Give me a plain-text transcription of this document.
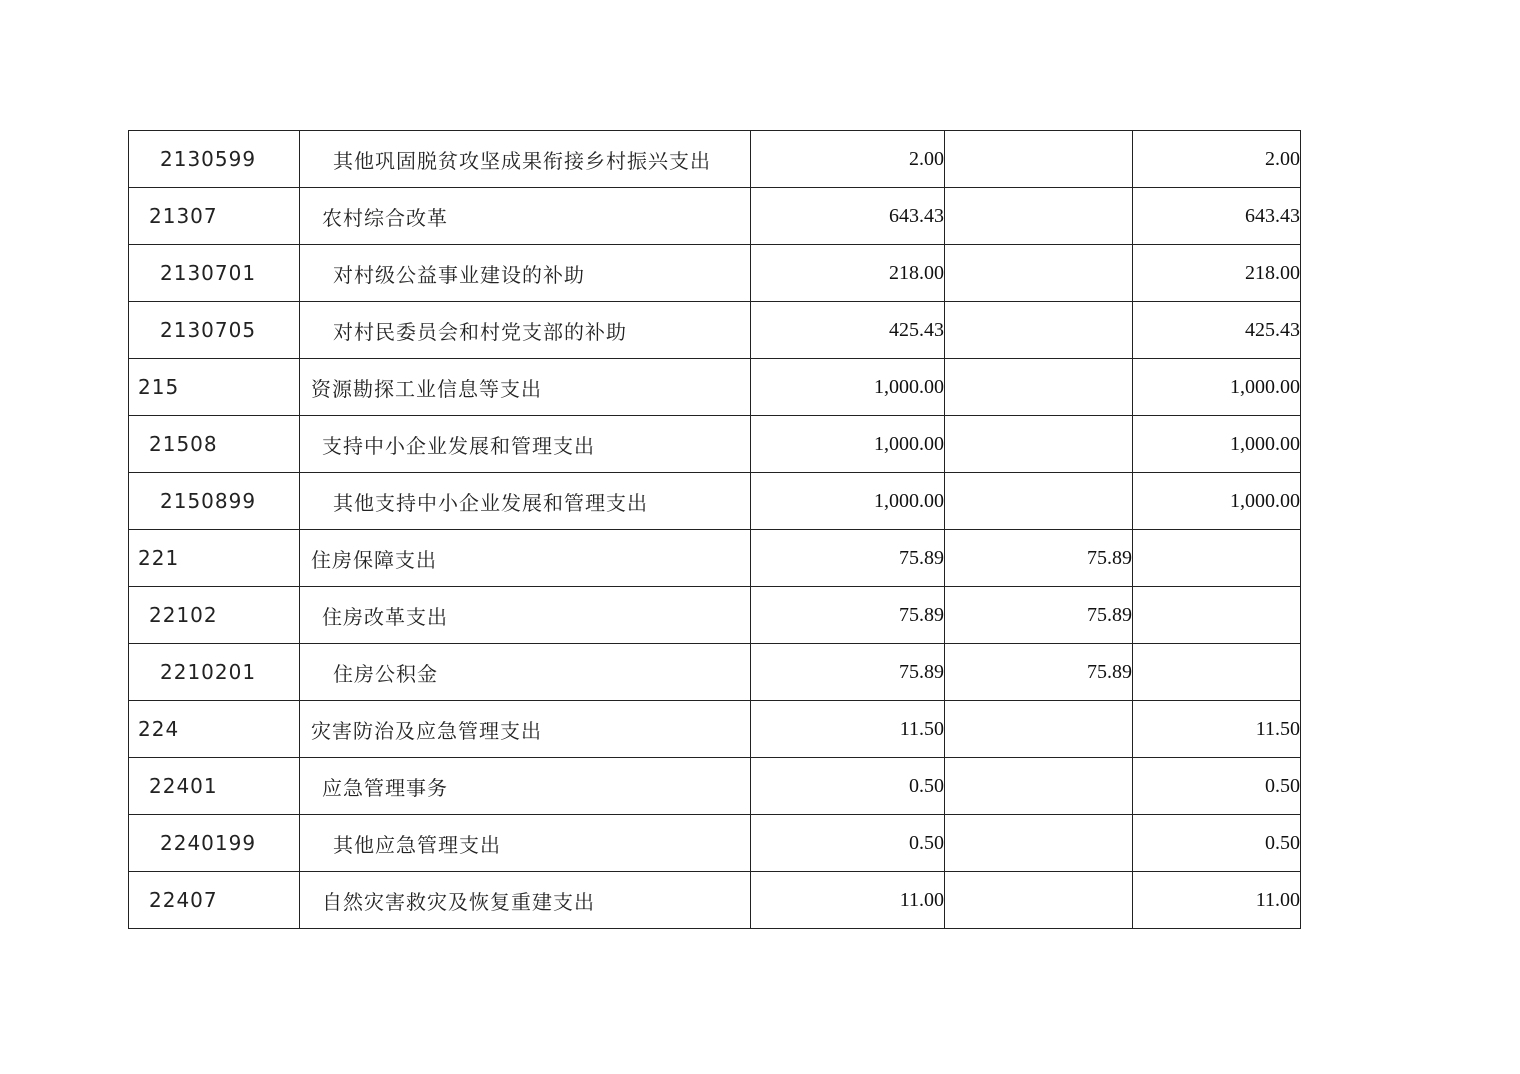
2130599	其他巩固脱贫攻坚成果衔接乡村振兴支出	2.00		2.00
21307	农村综合改革	643.43		643.43
2130701	对村级公益事业建设的补助	218.00		218.00
2130705	对村民委员会和村党支部的补助	425.43		425.43
215	资源勘探工业信息等支出	1,000.00		1,000.00
21508	支持中小企业发展和管理支出	1,000.00		1,000.00
2150899	其他支持中小企业发展和管理支出	1,000.00		1,000.00
221	住房保障支出	75.89	75.89	
22102	住房改革支出	75.89	75.89	
2210201	住房公积金	75.89	75.89	
224	灾害防治及应急管理支出	11.50		11.50
22401	应急管理事务	0.50		0.50
2240199	其他应急管理支出	0.50		0.50
22407	自然灾害救灾及恢复重建支出	11.00		11.00
